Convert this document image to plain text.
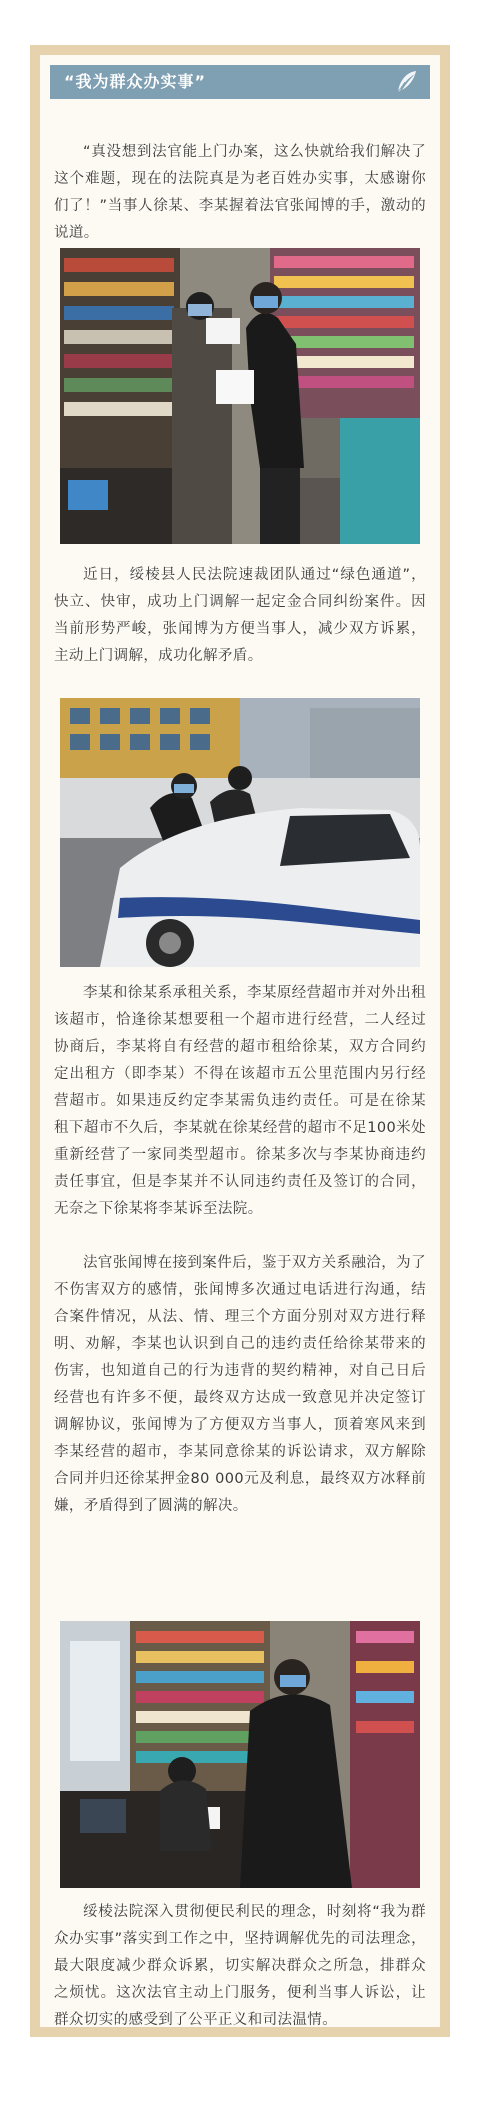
“我为群众办实事”

“真没想到法官能上门办案，这么快就给我们解决了这个难题，现在的法院真是为老百姓办实事，太感谢你们了！”当事人徐某、李某握着法官张闻博的手，激动的说道。

近日，绥棱县人民法院速裁团队通过“绿色通道”，快立、快审，成功上门调解一起定金合同纠纷案件。因当前形势严峻，张闻博为方便当事人，减少双方诉累，主动上门调解，成功化解矛盾。

李某和徐某系承租关系，李某原经营超市并对外出租该超市，恰逢徐某想要租一个超市进行经营，二人经过协商后，李某将自有经营的超市租给徐某，双方合同约定出租方（即李某）不得在该超市五公里范围内另行经营超市。如果违反约定李某需负违约责任。可是在徐某租下超市不久后，李某就在徐某经营的超市不足100米处重新经营了一家同类型超市。徐某多次与李某协商违约责任事宜，但是李某并不认同违约责任及签订的合同，无奈之下徐某将李某诉至法院。

法官张闻博在接到案件后，鉴于双方关系融洽，为了不伤害双方的感情，张闻博多次通过电话进行沟通，结合案件情况，从法、情、理三个方面分别对双方进行释明、劝解，李某也认识到自己的违约责任给徐某带来的伤害，也知道自己的行为违背的契约精神，对自己日后经营也有许多不便，最终双方达成一致意见并决定签订调解协议，张闻博为了方便双方当事人，顶着寒风来到李某经营的超市，李某同意徐某的诉讼请求，双方解除合同并归还徐某押金80 000元及利息，最终双方冰释前嫌，矛盾得到了圆满的解决。

绥棱法院深入贯彻便民利民的理念，时刻将“我为群众办实事”落实到工作之中，坚持调解优先的司法理念，最大限度减少群众诉累，切实解决群众之所急，排群众之烦忧。这次法官主动上门服务，便利当事人诉讼，让群众切实的感受到了公平正义和司法温情。
